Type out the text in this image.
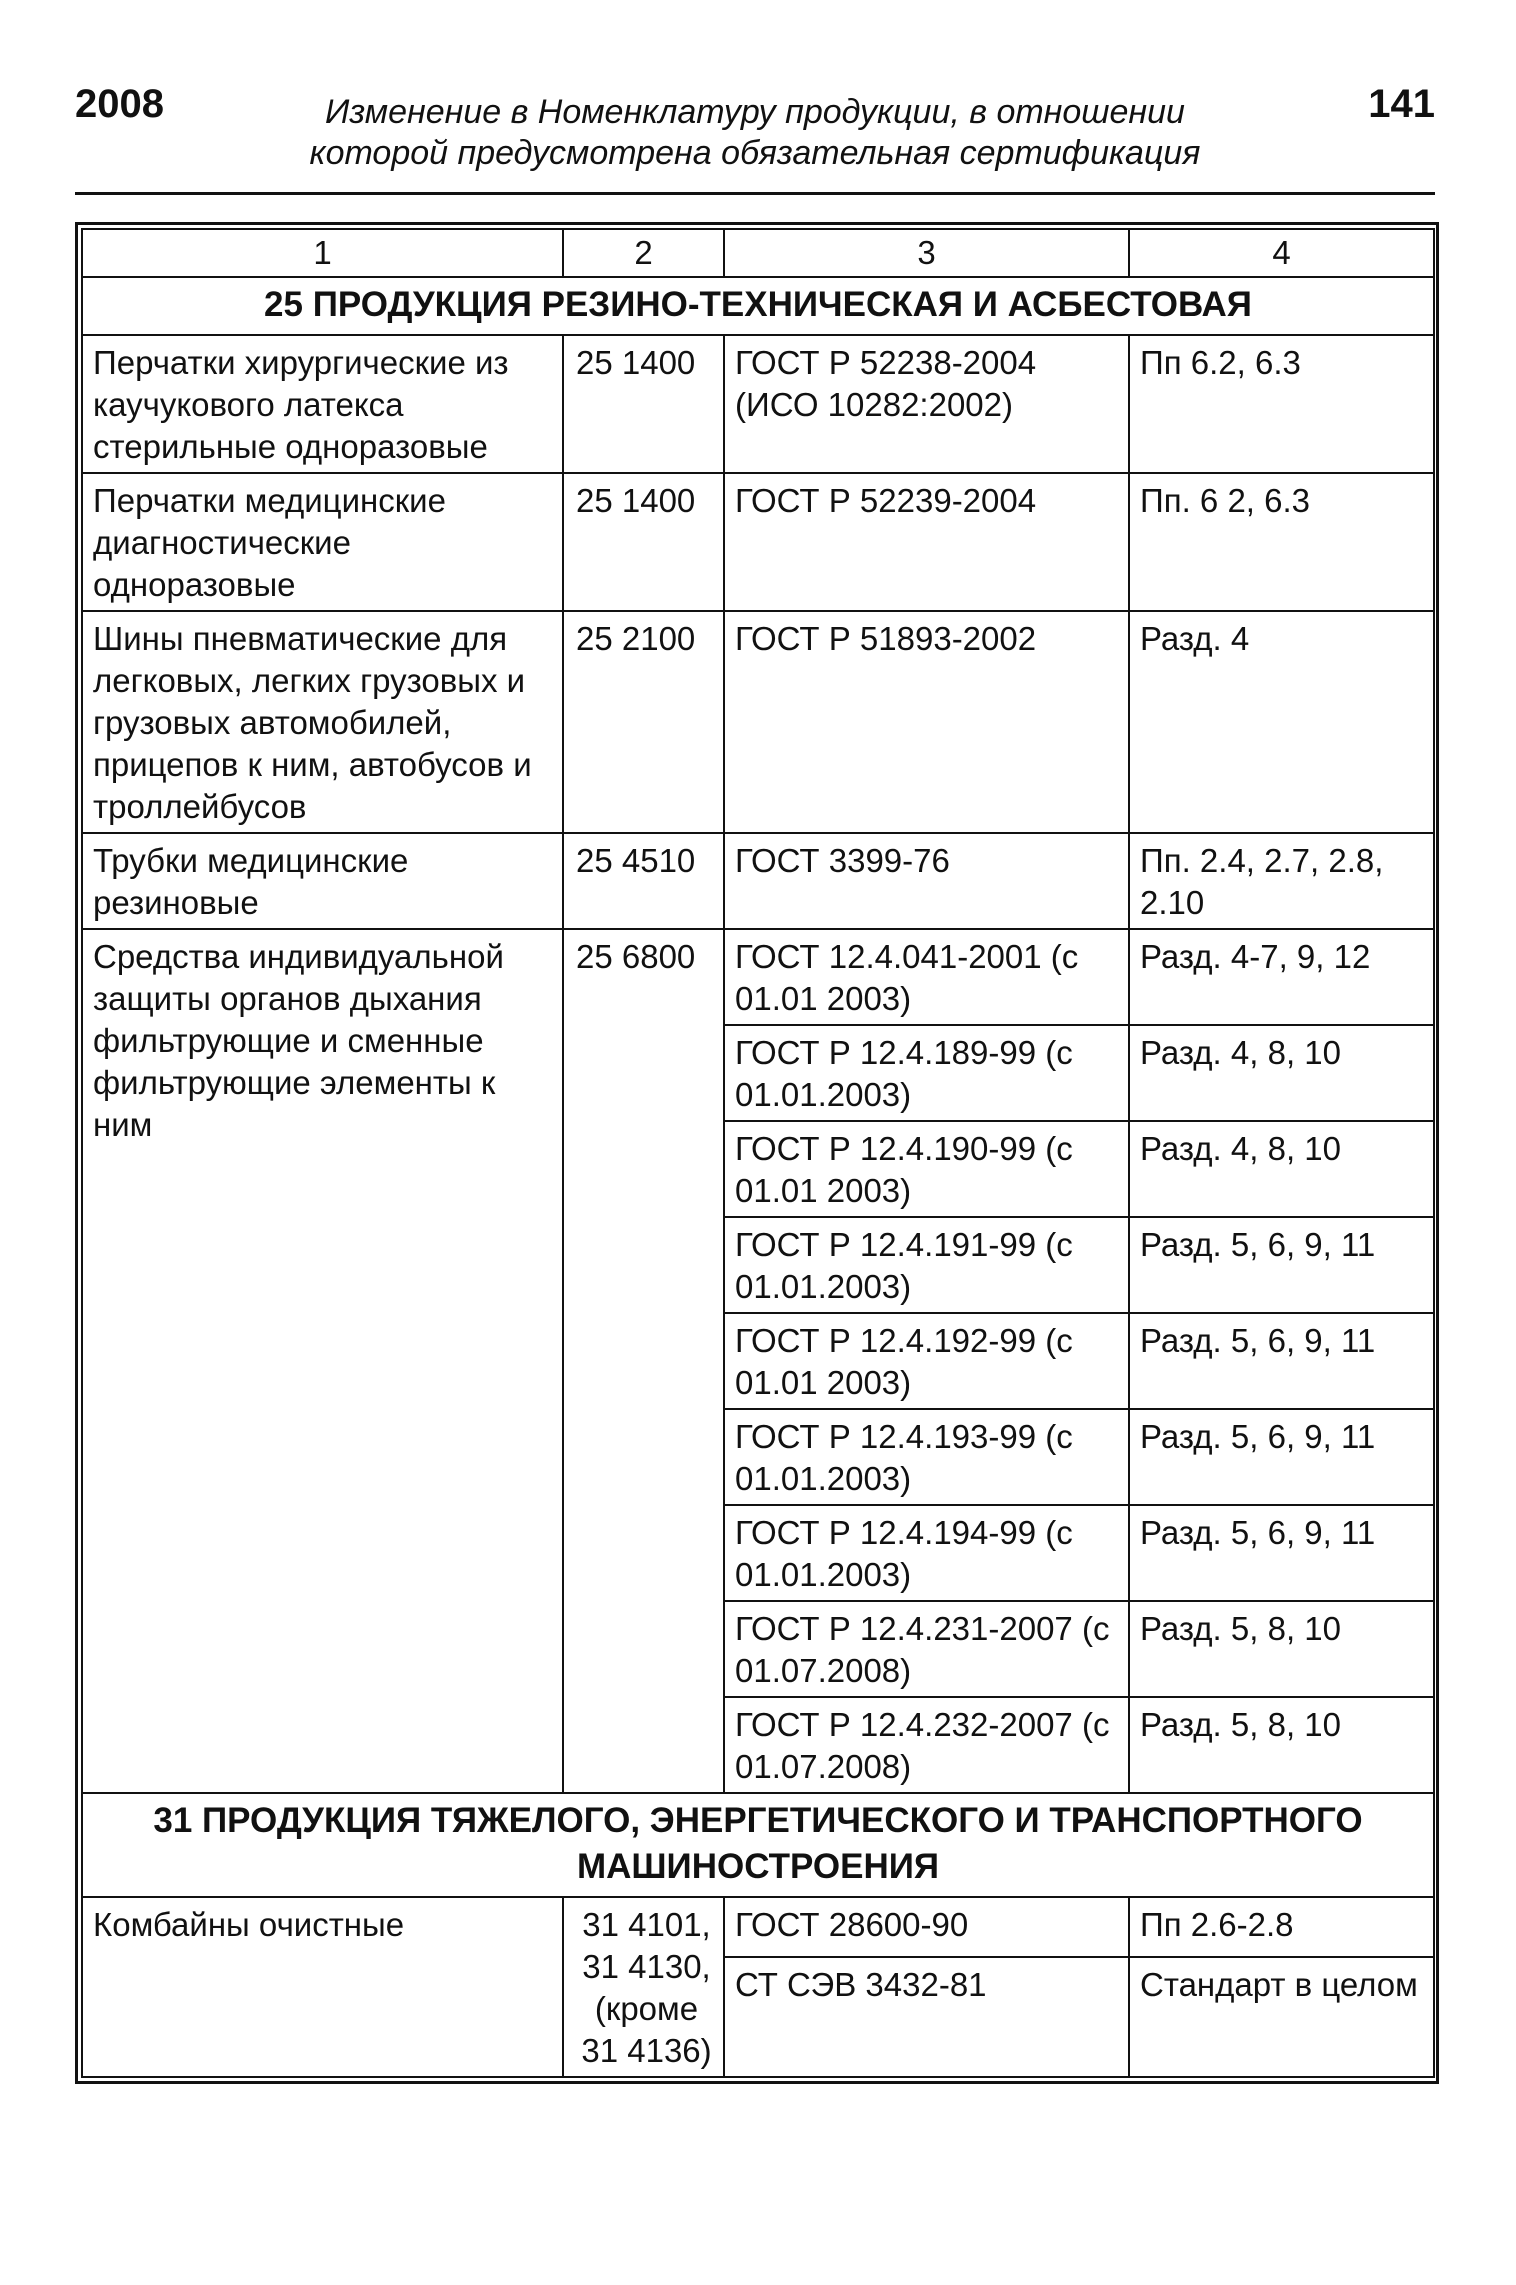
2008	Изменение в Номенклатуру продукции, в отношении
которой предусмотрена обязательная сертификация
141
1	2	3	4
25 ПРОДУКЦИЯ РЕЗИНО-ТЕХНИЧЕСКАЯ И АСБЕСТОВАЯ			
Перчатки хирургические из каучукового латекса стерильные одноразовые	25 1400	ГОСТ Р 52238-2004 (ИСО 10282:2002)	Пп 6.2, 6.3
Перчатки медицинские диагностические одноразовые	25 1400	ГОСТ Р 52239-2004	Пп. 6 2, 6.3
Шины пневматические для легковых, легких грузовых и грузовых автомобилей, прицепов к ним, автобусов и троллейбусов	25 2100	ГОСТ Р 51893-2002	Разд. 4
Трубки медицинские резиновые	25 4510	ГОСТ 3399-76	Пп. 2.4, 2.7, 2.8, 2.10
Средства индивидуальной защиты органов дыхания фильтрующие и сменные фильтрующие элементы к ним	25 6800	ГОСТ 12.4.041-2001 (с 01.01 2003)	Разд. 4-7, 9, 12
		ГОСТ Р 12.4.189-99 (с 01.01.2003)	Разд. 4, 8, 10
		ГОСТ Р 12.4.190-99 (с 01.01 2003)	Разд. 4, 8, 10
		ГОСТ Р 12.4.191-99 (с 01.01.2003)	Разд. 5, 6, 9, 11
		ГОСТ Р 12.4.192-99 (с 01.01 2003)	Разд. 5, 6, 9, 11
		ГОСТ Р 12.4.193-99 (с 01.01.2003)	Разд. 5, 6, 9, 11
		ГОСТ Р 12.4.194-99 (с 01.01.2003)	Разд. 5, 6, 9, 11
		ГОСТ Р 12.4.231-2007 (с 01.07.2008)	Разд. 5, 8, 10
		ГОСТ Р 12.4.232-2007 (с 01.07.2008)	Разд. 5, 8, 10
31 ПРОДУКЦИЯ ТЯЖЕЛОГО, ЭНЕРГЕТИЧЕСКОГО И ТРАНСПОРТНОГО МАШИНОСТРОЕНИЯ			
Комбайны очистные	31 4101, 31 4130, (кроме 31 4136)	ГОСТ 28600-90	Пп 2.6-2.8
		СТ СЭВ 3432-81	Стандарт в целом
